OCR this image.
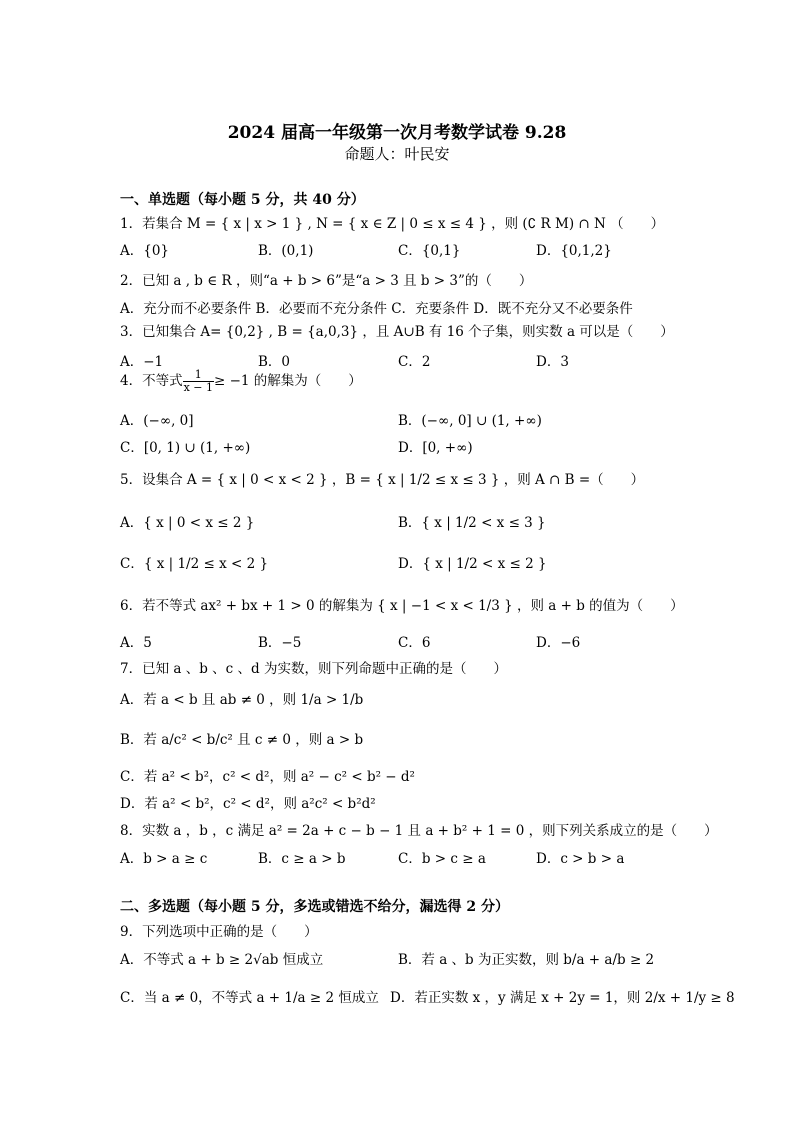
2024 届高一年级第一次月考数学试卷 9.28
命题人：叶民安
一、单选题（每小题 5 分，共 40 分）
1．若集合 M = { x | x > 1 } , N = { x ∈ Z | 0 ≤ x ≤ 4 } ，则 (∁ R M) ∩ N （　　）
A．{0}	B．(0,1)	C．{0,1}	D．{0,1,2}
2．已知 a , b ∈ R ，则“a + b > 6”是“a > 3 且 b > 3”的（　　）
A．充分而不必要条件 B．必要而不充分条件 C．充要条件 D．既不充分又不必要条件
3．已知集合 A= {0,2} , B = {a,0,3} ，且 A∪B 有 16 个子集，则实数 a 可以是（　　）
A．−1	B．0	C．2	D．3
4．不等式 $\frac{1}{x - 1} \ge -1$ 的解集为（　　）
A．(−∞, 0]	B．(−∞, 0] ∪ (1, +∞)
C．[0, 1) ∪ (1, +∞)	D．[0, +∞)
5．设集合 A = { x | 0 < x < 2 } ，B = { x | 1/2 ≤ x ≤ 3 } ，则 A ∩ B =（　　）
A．{ x | 0 < x ≤ 2 }	B．{ x | 1/2 < x ≤ 3 }
C．{ x | 1/2 ≤ x < 2 }	D．{ x | 1/2 < x ≤ 2 }
6．若不等式 ax² + bx + 1 > 0 的解集为 { x | −1 < x < 1/3 } ，则 a + b 的值为（　　）
A．5	B．−5	C．6	D．−6
7．已知 a 、b 、c 、d 为实数，则下列命题中正确的是（　　）
A．若 a < b 且 ab ≠ 0 ，则 1/a > 1/b
B．若 a/c² < b/c² 且 c ≠ 0 ，则 a > b
C．若 a² < b²，c² < d²，则 a² − c² < b² − d²
D．若 a² < b²，c² < d²，则 a²c² < b²d²
8．实数 a ，b ，c 满足 a² = 2a + c − b − 1 且 a + b² + 1 = 0 ，则下列关系成立的是（　　）
A．b > a ≥ c	B．c ≥ a > b	C．b > c ≥ a	D．c > b > a
二、多选题（每小题 5 分，多选或错选不给分，漏选得 2 分）
9．下列选项中正确的是（　　）
A．不等式 a + b ≥ 2√ab 恒成立	B．若 a 、b 为正实数，则 b/a + a/b ≥ 2
C．当 a ≠ 0，不等式 a + 1/a ≥ 2 恒成立 D．若正实数 x ，y 满足 x + 2y = 1，则 2/x + 1/y ≥ 8
